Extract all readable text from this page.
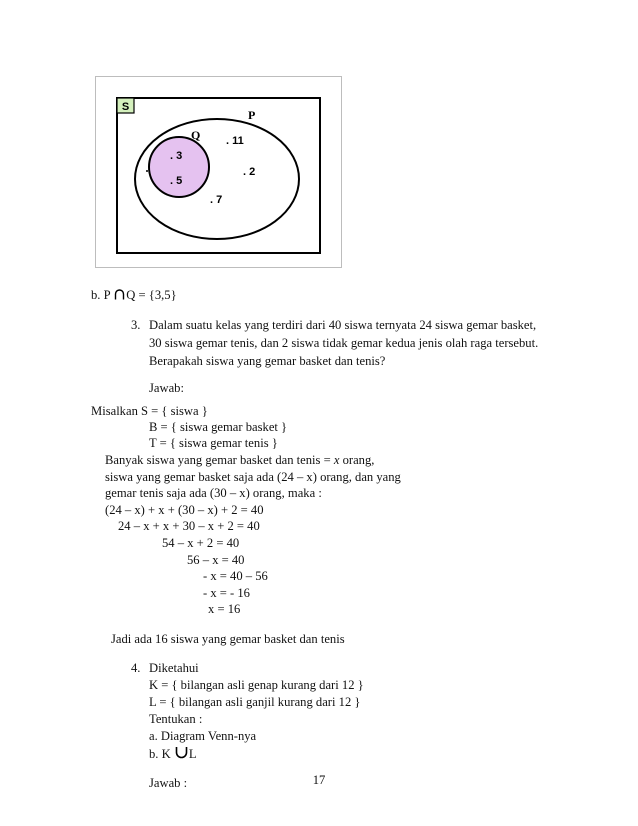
S
P
Q
. 3
. 5
. 11
. 2
. 7
b. P Q = {3,5}
3. Dalam suatu kelas yang terdiri dari 40 siswa ternyata 24 siswa gemar basket,
30 siswa gemar tenis, dan 2 siswa tidak gemar kedua jenis olah raga tersebut.
Berapakah siswa yang gemar basket dan tenis?
Jawab:
Misalkan S = { siswa }
B = { siswa gemar basket }
T = { siswa gemar tenis }
Banyak siswa yang gemar basket dan tenis = x orang,
siswa yang gemar basket saja ada (24 – x) orang, dan yang
gemar tenis saja ada (30 – x) orang, maka :
(24 – x) + x + (30 – x) + 2 = 40
24 – x + x + 30 – x + 2 = 40
54 – x + 2 = 40
56 – x = 40
- x = 40 – 56
- x = - 16
x = 16
Jadi ada 16 siswa yang gemar basket dan tenis
4. Diketahui
K = { bilangan asli genap kurang dari 12 }
L = { bilangan asli ganjil kurang dari 12 }
Tentukan :
a. Diagram Venn-nya
b. K L
Jawab :	17
